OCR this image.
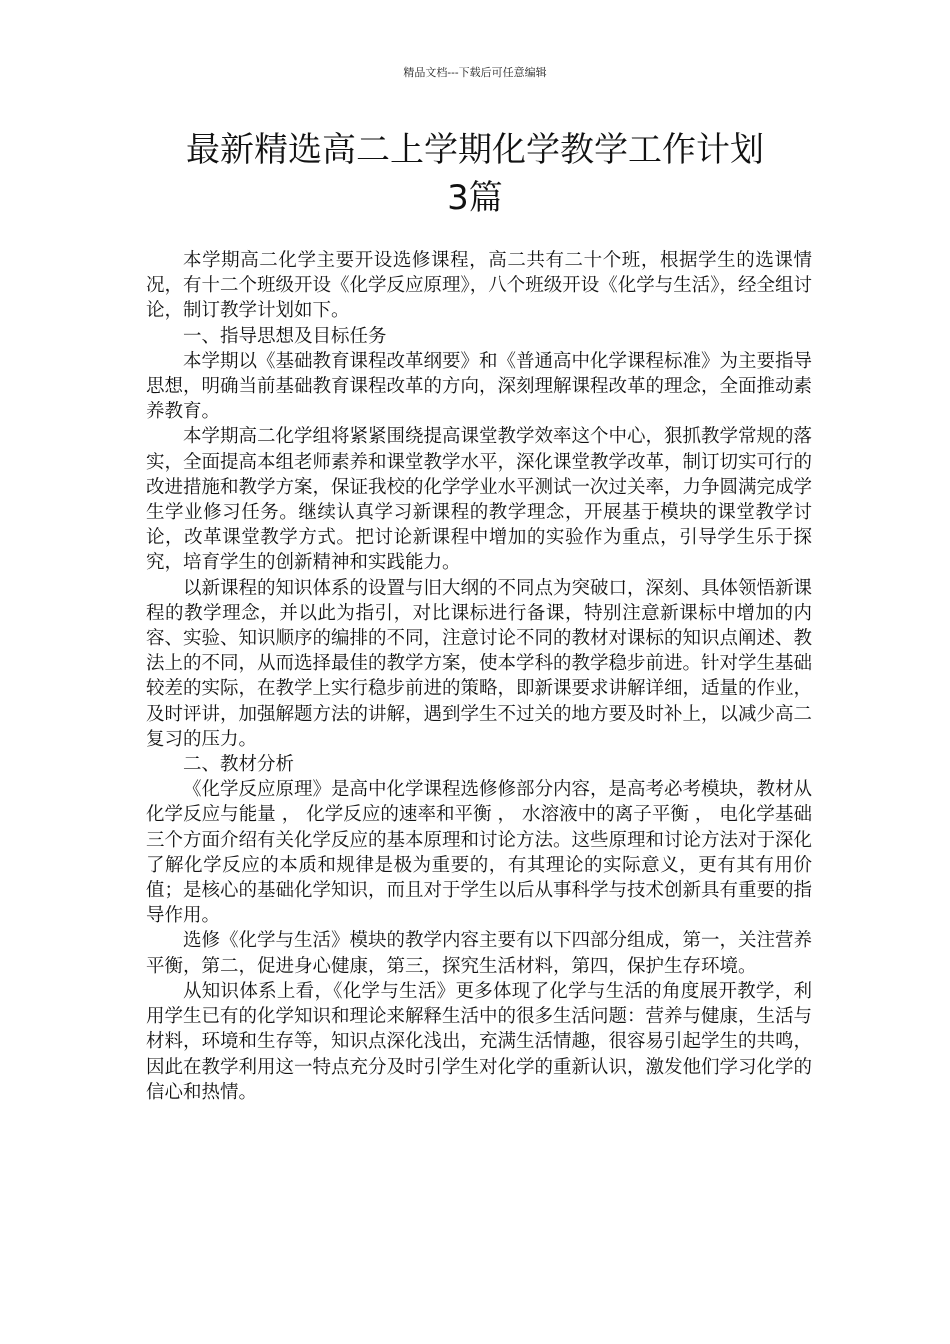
精品文档---下载后可任意编辑
最新精选高二上学期化学教学工作计划
3篇

本学期高二化学主要开设选修课程，高二共有二十个班，根据学生的选课情况，有十二个班级开设《化学反应原理》，八个班级开设《化学与生活》，经全组讨论，制订教学计划如下。

一、指导思想及目标任务

本学期以《基础教育课程改革纲要》和《普通高中化学课程标准》为主要指导思想，明确当前基础教育课程改革的方向，深刻理解课程改革的理念，全面推动素养教育。

本学期高二化学组将紧紧围绕提高课堂教学效率这个中心，狠抓教学常规的落实，全面提高本组老师素养和课堂教学水平，深化课堂教学改革，制订切实可行的改进措施和教学方案，保证我校的化学学业水平测试一次过关率，力争圆满完成学生学业修习任务。继续认真学习新课程的教学理念，开展基于模块的课堂教学讨论，改革课堂教学方式。把讨论新课程中增加的实验作为重点，引导学生乐于探究，培育学生的创新精神和实践能力。

以新课程的知识体系的设置与旧大纲的不同点为突破口，深刻、具体领悟新课程的教学理念，并以此为指引，对比课标进行备课，特别注意新课标中增加的内容、实验、知识顺序的编排的不同，注意讨论不同的教材对课标的知识点阐述、教法上的不同，从而选择最佳的教学方案，使本学科的教学稳步前进。针对学生基础较差的实际，在教学上实行稳步前进的策略，即新课要求讲解详细，适量的作业，及时评讲，加强解题方法的讲解，遇到学生不过关的地方要及时补上，以减少高二复习的压力。

二、教材分析

《化学反应原理》是高中化学课程选修修部分内容，是高考必考模块，教材从 化学反应与能量 ， 化学反应的速率和平衡 ， 水溶液中的离子平衡 ， 电化学基础 三个方面介绍有关化学反应的基本原理和讨论方法。这些原理和讨论方法对于深化了解化学反应的本质和规律是极为重要的，有其理论的实际意义，更有其有用价值；是核心的基础化学知识，而且对于学生以后从事科学与技术创新具有重要的指导作用。

选修《化学与生活》模块的教学内容主要有以下四部分组成，第一，关注营养平衡，第二，促进身心健康，第三，探究生活材料，第四，保护生存环境。

从知识体系上看，《化学与生活》更多体现了化学与生活的角度展开教学，利用学生已有的化学知识和理论来解释生活中的很多生活问题：营养与健康，生活与材料，环境和生存等，知识点深化浅出，充满生活情趣，很容易引起学生的共鸣，因此在教学利用这一特点充分及时引学生对化学的重新认识，激发他们学习化学的信心和热情。
